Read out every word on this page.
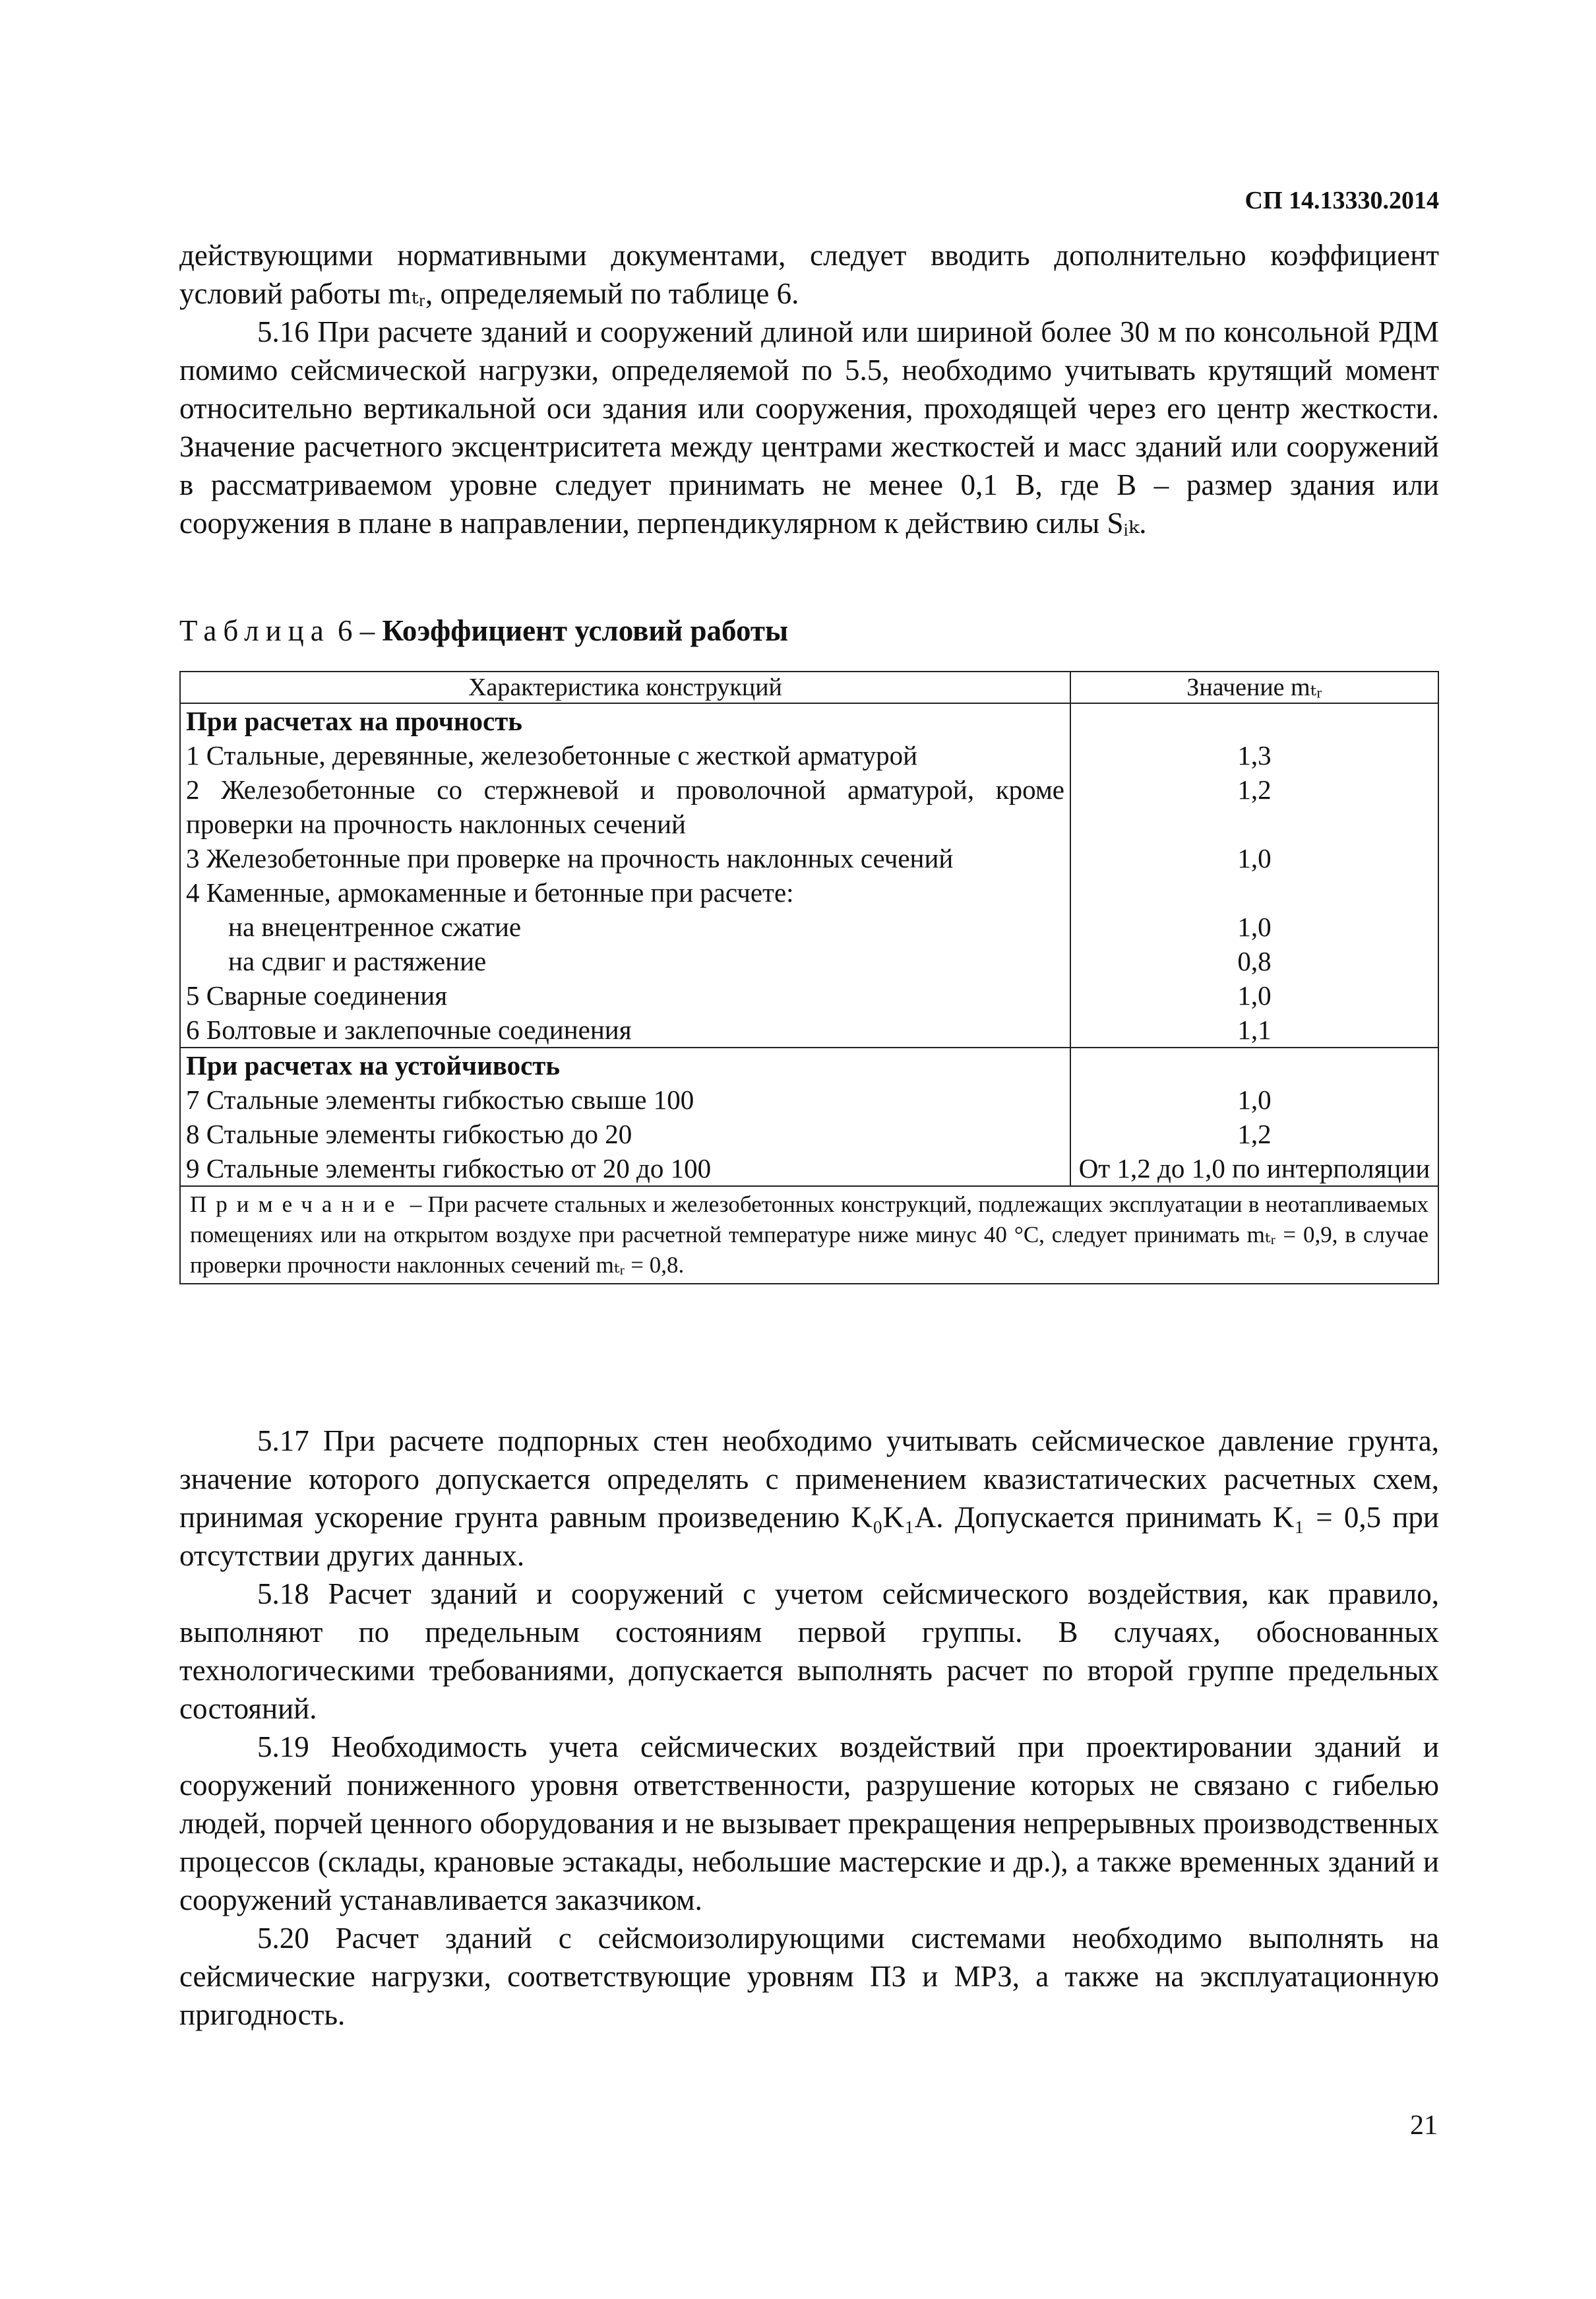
СП 14.13330.2014

действующими нормативными документами, следует вводить дополнительно коэффициент условий работы mₜᵣ, определяемый по таблице 6.

5.16 При расчете зданий и сооружений длиной или шириной более 30 м по консольной РДМ помимо сейсмической нагрузки, определяемой по 5.5, необходимо учитывать крутящий момент относительно вертикальной оси здания или сооружения, проходящей через его центр жесткости. Значение расчетного эксцентриситета между центрами жесткостей и масс зданий или сооружений в рассматриваемом уровне следует принимать не менее 0,1 B, где B – размер здания или сооружения в плане в направлении, перпендикулярном к действию силы Sᵢₖ.

Таблица 6 – Коэффициент условий работы
Характеристика конструкций	Значение mₜᵣ
При расчетах на прочность	
1 Стальные, деревянные, железобетонные с жесткой арматурой	1,3
2 Железобетонные со стержневой и проволочной арматурой, кроме проверки на прочность наклонных сечений	1,2
3 Железобетонные при проверке на прочность наклонных сечений	1,0
4 Каменные, армокаменные и бетонные при расчете:	
на внецентренное сжатие	1,0
на сдвиг и растяжение	0,8
5 Сварные соединения	1,0
6 Болтовые и заклепочные соединения	1,1
При расчетах на устойчивость	
7 Стальные элементы гибкостью свыше 100	1,0
8 Стальные элементы гибкостью до 20	1,2
9 Стальные элементы гибкостью от 20 до 100	От 1,2 до 1,0 по интерполяции
Примечание – При расчете стальных и железобетонных конструкций, подлежащих эксплуатации в неотапливаемых помещениях или на открытом воздухе при расчетной температуре ниже минус 40 °С, следует принимать mₜᵣ = 0,9, в случае проверки прочности наклонных сечений mₜᵣ = 0,8.	

5.17 При расчете подпорных стен необходимо учитывать сейсмическое давление грунта, значение которого допускается определять с применением квазистатических расчетных схем, принимая ускорение грунта равным произведению K₀K₁A. Допускается принимать K₁ = 0,5 при отсутствии других данных.

5.18 Расчет зданий и сооружений с учетом сейсмического воздействия, как правило, выполняют по предельным состояниям первой группы. В случаях, обоснованных технологическими требованиями, допускается выполнять расчет по второй группе предельных состояний.

5.19 Необходимость учета сейсмических воздействий при проектировании зданий и сооружений пониженного уровня ответственности, разрушение которых не связано с гибелью людей, порчей ценного оборудования и не вызывает прекращения непрерывных производственных процессов (склады, крановые эстакады, небольшие мастерские и др.), а также временных зданий и сооружений устанавливается заказчиком.

5.20 Расчет зданий с сейсмоизолирующими системами необходимо выполнять на сейсмические нагрузки, соответствующие уровням ПЗ и МРЗ, а также на эксплуатационную пригодность.

21
